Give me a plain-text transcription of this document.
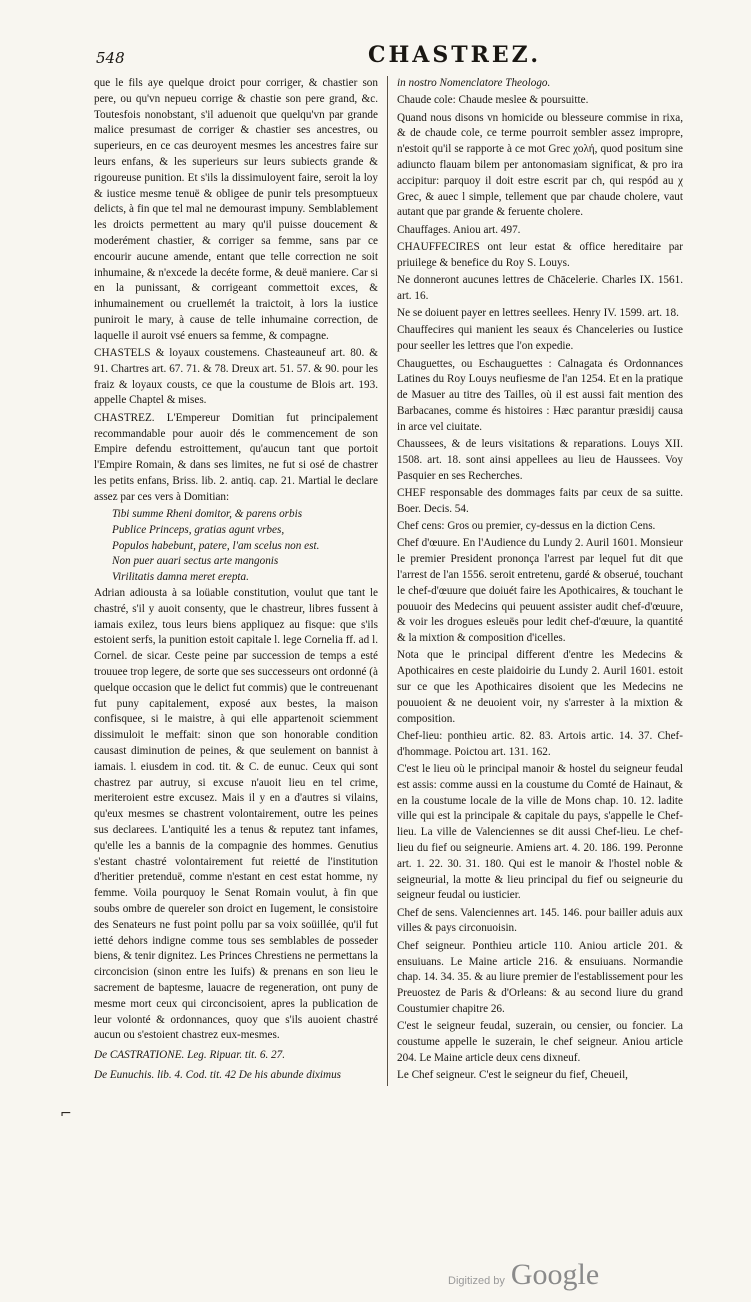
548	CHASTREZ.

que le fils aye quelque droict pour corriger, & chastier son pere, ou qu'vn nepueu corrige & chastie son pere grand, &c. Toutesfois nonobstant, s'il aduenoit que quelqu'vn par grande malice presumast de corriger & chastier ses ancestres, ou superieurs, en ce cas deuroyent mesmes les ancestres faire sur leurs enfans, & les superieurs sur leurs subiects grande & rigoureuse punition. Et s'ils la dissimuloyent faire, seroit la loy & iustice mesme tenuë & obligee de punir tels presomptueux delicts, à fin que tel mal ne demourast impuny. Semblablement les droicts permettent au mary qu'il puisse doucement & moderément chastier, & corriger sa femme, sans par ce encourir aucune amende, entant que telle correction ne soit inhumaine, & n'excede la decéte forme, & deuë maniere. Car si en la punissant, & corrigeant commettoit exces, & inhumainement ou cruellemét la traictoit, à lors la iustice puniroit le mary, à cause de telle inhumaine correction, de laquelle il auroit vsé enuers sa femme, & compagne.

CHASTELS & loyaux coustemens. Chasteauneuf art. 80. & 91. Chartres art. 67. 71. & 78. Dreux art. 51. 57. & 90. pour les fraiz & loyaux cousts, ce que la coustume de Blois art. 193. appelle Chaptel & mises.

CHASTREZ. L'Empereur Domitian fut principalement recommandable pour auoir dés le commencement de son Empire defendu estroittement, qu'aucun tant que portoit l'Empire Romain, & dans ses limites, ne fut si osé de chastrer les petits enfans, Briss. lib. 2. antiq. cap. 21. Martial le declare assez par ces vers à Domitian:

Tibi summe Rheni domitor, & parens orbis

Publice Princeps, gratias agunt vrbes,

Populos habebunt, patere, l'am scelus non est.

Non puer auari sectus arte mangonis

Virilitatis damna meret erepta.

Adrian adiousta à sa loüable constitution, voulut que tant le chastré, s'il y auoit consenty, que le chastreur, libres fussent à iamais exilez, tous leurs biens appliquez au fisque: que s'ils estoient serfs, la punition estoit capitale l. lege Cornelia ff. ad l. Cornel. de sicar. Ceste peine par succession de temps a esté trouuee trop legere, de sorte que ses successeurs ont ordonné (à quelque occasion que le delict fut commis) que le contreuenant fut puny capitalement, exposé aux bestes, la maison confisquee, si le maistre, à qui elle appartenoit sciemment dissimuloit le meffait: sinon que son honorable condition causast diminution de peines, & que seulement on bannist à iamais. l. eiusdem in cod. tit. & C. de eunuc. Ceux qui sont chastrez par autruy, si excuse n'auoit lieu en tel crime, meriteroient estre excusez. Mais il y en a d'autres si vilains, qu'eux mesmes se chastrent volontairement, outre les peines sus declarees. L'antiquité les a tenus & reputez tant infames, qu'elle les a bannis de la compagnie des hommes. Genutius s'estant chastré volontairement fut reietté de l'institution d'heritier pretenduë, comme n'estant en cest estat homme, ny femme. Voila pourquoy le Senat Romain voulut, à fin que soubs ombre de quereler son droict en Iugement, le consistoire des Senateurs ne fust point pollu par sa voix soüillée, qu'il fut ietté dehors indigne comme tous ses semblables de posseder biens, & tenir dignitez. Les Princes Chrestiens ne permettans la circoncision (sinon entre les Iuifs) & prenans en son lieu le sacrement de baptesme, lauacre de regeneration, ont puny de mesme mort ceux qui circoncisoient, apres la publication de leur volonté & ordonnances, quoy que s'ils auoient chastré aucun ou s'estoient chastrez eux-mesmes.

De CASTRATIONE. Leg. Ripuar. tit. 6. 27.

De Eunuchis. lib. 4. Cod. tit. 42 De his abunde diximus

in nostro Nomenclatore Theologo.

Chaude cole: Chaude meslee & poursuitte.

Quand nous disons vn homicide ou blesseure commise in rixa, & de chaude cole, ce terme pourroit sembler assez impropre, n'estoit qu'il se rapporte à ce mot Grec χολή, quod positum sine adiuncto flauam bilem per antonomasiam significat, & pro ira accipitur: parquoy il doit estre escrit par ch, qui respód au χ Grec, & auec l simple, tellement que par chaude cholere, vaut autant que par grande & feruente cholere.

Chauffages. Aniou art. 497.

CHAUFFECIRES ont leur estat & office hereditaire par priuilege & benefice du Roy S. Louys.

Ne donneront aucunes lettres de Chācelerie. Charles IX. 1561. art. 16.

Ne se doiuent payer en lettres seellees. Henry IV. 1599. art. 18.

Chauffecires qui manient les seaux és Chanceleries ou Iustice pour seeller les lettres que l'on expedie.

Chauguettes, ou Eschauguettes : Calnagata és Ordonnances Latines du Roy Louys neufiesme de l'an 1254. Et en la pratique de Masuer au titre des Tailles, où il est aussi fait mention des Barbacanes, comme és histoires : Hæc parantur præsidij causa in arce vel ciuitate.

Chaussees, & de leurs visitations & reparations. Louys XII. 1508. art. 18. sont ainsi appellees au lieu de Haussees. Voy Pasquier en ses Recherches.

CHEF responsable des dommages faits par ceux de sa suitte. Boer. Decis. 54.

Chef cens: Gros ou premier, cy-dessus en la diction Cens.

Chef d'œuure. En l'Audience du Lundy 2. Auril 1601. Monsieur le premier President prononça l'arrest par lequel fut dit que l'arrest de l'an 1556. seroit entretenu, gardé & obserué, touchant le chef-d'œuure que doiuét faire les Apothicaires, & touchant le pouuoir des Medecins qui peuuent assister audit chef-d'œuure, & voir les drogues esleuës pour ledit chef-d'œuure, la quantité & la mixtion & composition d'icelles.

Nota que le principal different d'entre les Medecins & Apothicaires en ceste plaidoirie du Lundy 2. Auril 1601. estoit sur ce que les Apothicaires disoient que les Medecins ne pouuoient & ne deuoient voir, ny s'arrester à la mixtion & composition.

Chef-lieu: ponthieu artic. 82. 83. Artois artic. 14. 37. Chef-d'hommage. Poictou art. 131. 162.

C'est le lieu où le principal manoir & hostel du seigneur feudal est assis: comme aussi en la coustume du Comté de Hainaut, & en la coustume locale de la ville de Mons chap. 10. 12. ladite ville qui est la principale & capitale du pays, s'appelle le Chef-lieu. La ville de Valenciennes se dit aussi Chef-lieu. Le chef-lieu du fief ou seigneurie. Amiens art. 4. 20. 186. 199. Peronne art. 1. 22. 30. 31. 180. Qui est le manoir & l'hostel noble & seigneurial, la motte & lieu principal du fief ou seigneurie du seigneur feudal ou iusticier.

Chef de sens. Valenciennes art. 145. 146. pour bailler aduis aux villes & pays circonuoisin.

Chef seigneur. Ponthieu article 110. Aniou article 201. & ensuiuans. Le Maine article 216. & ensuiuans. Normandie chap. 14. 34. 35. & au liure premier de l'establissement pour les Preuostez de Paris & d'Orleans: & au second liure du grand Coustumier chapitre 26.

C'est le seigneur feudal, suzerain, ou censier, ou foncier. La coustume appelle le suzerain, le chef seigneur. Aniou article 204. Le Maine article deux cens dixneuf.

Le Chef seigneur. C'est le seigneur du fief, Cheueil,

⌐
Digitized by Google
